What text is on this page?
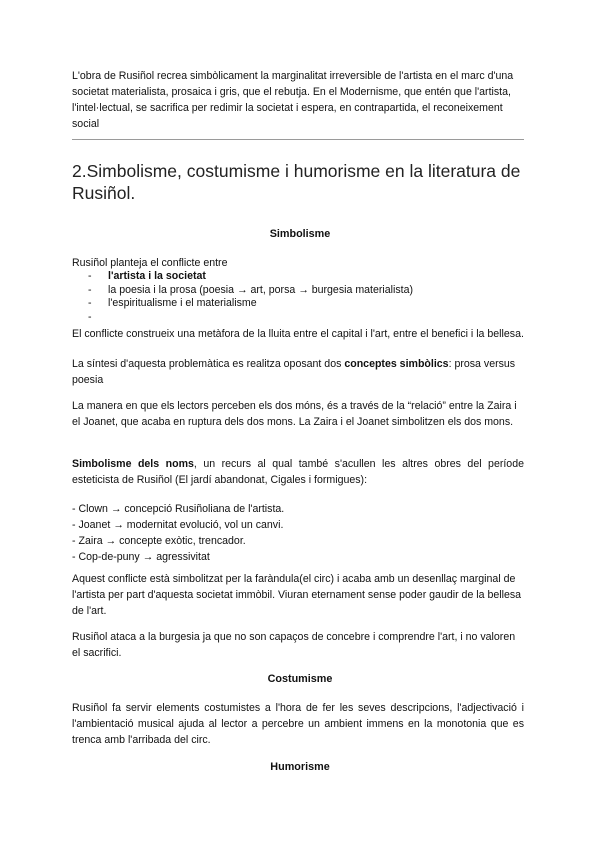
L'obra de Rusiñol recrea simbòlicament la marginalitat irreversible de l'artista en el marc d'una societat materialista, prosaica i gris, que el rebutja. En el Modernisme, que entén que l'artista, l'intel·lectual, se sacrifica per redimir la societat i espera, en contrapartida, el reconeixement social

2.Simbolisme, costumisme i humorisme en la literatura de Rusiñol.
Simbolisme

Rusiñol planteja el conflicte entre

- l'artista i la societat
- la poesia i la prosa (poesia → art, porsa → burgesia materialista)
- l'espiritualisme i el materialisme
-

El conflicte construeix una metàfora de la lluita entre el capital i l'art, entre el benefici i la bellesa.

La síntesi d'aquesta problemàtica es realitza oposant dos conceptes simbòlics: prosa versus poesia

La manera en que els lectors perceben els dos móns, és a través de la “relació” entre la Zaira i el Joanet, que acaba en ruptura dels dos mons. La Zaira i el Joanet simbolitzen els dos mons.

Simbolisme dels noms, un recurs al qual també s'acullen les altres obres del període esteticista de Rusiñol (El jardí abandonat, Cigales i formigues):

- Clown → concepció Rusiñoliana de l'artista.
- Joanet → modernitat evolució, vol un canvi.
- Zaira → concepte exòtic, trencador.
- Cop-de-puny → agressivitat

Aquest conflicte està simbolitzat per la faràndula(el circ) i acaba amb un desenllaç marginal de l'artista per part d'aquesta societat immòbil. Viuran eternament sense poder gaudir de la bellesa de l'art.

Rusiñol ataca a la burgesia ja que no son capaços de concebre i comprendre l'art, i no valoren el sacrifici.

Costumisme

Rusiñol fa servir elements costumistes a l'hora de fer les seves descripcions, l'adjectivació i l'ambientació musical ajuda al lector a percebre un ambient immens en la monotonia que es trenca amb l'arribada del circ.

Humorisme
